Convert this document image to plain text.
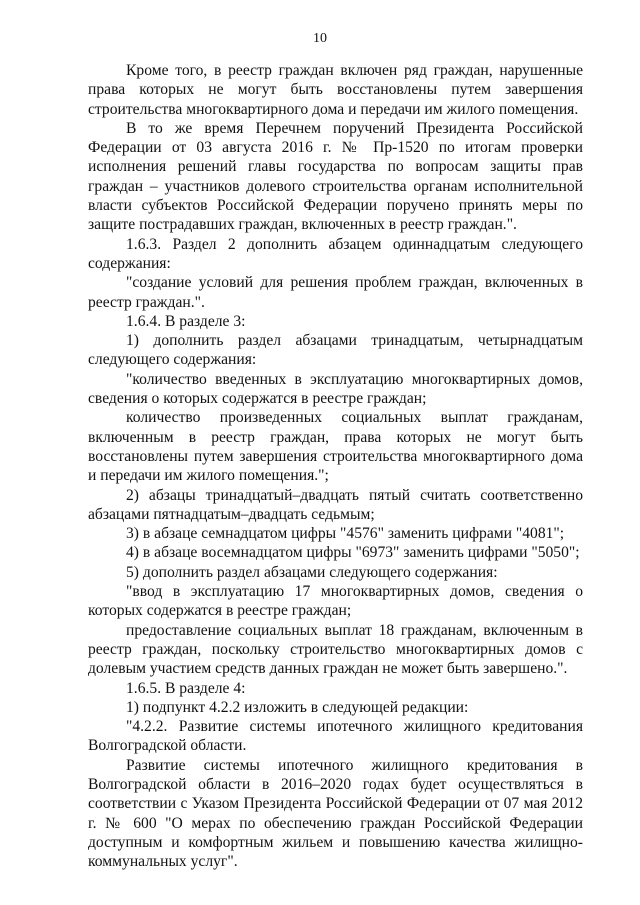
10

Кроме того, в реестр граждан включен ряд граждан, нарушенные права которых не могут быть восстановлены путем завершения строительства многоквартирного дома и передачи им жилого помещения.

В то же время Перечнем поручений Президента Российской Федерации от 03 августа 2016 г. № Пр-1520 по итогам проверки исполнения решений главы государства по вопросам защиты прав граждан – участников долевого строительства органам исполнительной власти субъектов Российской Федерации поручено принять меры по защите пострадавших граждан, включенных в реестр граждан.".

1.6.3. Раздел 2 дополнить абзацем одиннадцатым следующего содержания:

"создание условий для решения проблем граждан, включенных в реестр граждан.".

1.6.4. В разделе 3:

1) дополнить раздел абзацами тринадцатым, четырнадцатым следующего содержания:

"количество введенных в эксплуатацию многоквартирных домов, сведения о которых содержатся в реестре граждан;

количество произведенных социальных выплат гражданам, включенным в реестр граждан, права которых не могут быть восстановлены путем завершения строительства многоквартирного дома и передачи им жилого помещения.";

2) абзацы тринадцатый–двадцать пятый считать соответственно абзацами пятнадцатым–двадцать седьмым;

3) в абзаце семнадцатом цифры "4576" заменить цифрами "4081";

4) в абзаце восемнадцатом цифры "6973" заменить цифрами "5050";

5) дополнить раздел абзацами следующего содержания:

"ввод в эксплуатацию 17 многоквартирных домов, сведения о которых содержатся в реестре граждан;

предоставление социальных выплат 18 гражданам, включенным в реестр граждан, поскольку строительство многоквартирных домов с долевым участием средств данных граждан не может быть завершено.".

1.6.5. В разделе 4:

1) подпункт 4.2.2 изложить в следующей редакции:

"4.2.2. Развитие системы ипотечного жилищного кредитования Волгоградской области.

Развитие системы ипотечного жилищного кредитования в Волгоградской области в 2016–2020 годах будет осуществляться в соответствии с Указом Президента Российской Федерации от 07 мая 2012 г. № 600 "О мерах по обеспечению граждан Российской Федерации доступным и комфортным жильем и повышению качества жилищно-коммунальных услуг".
